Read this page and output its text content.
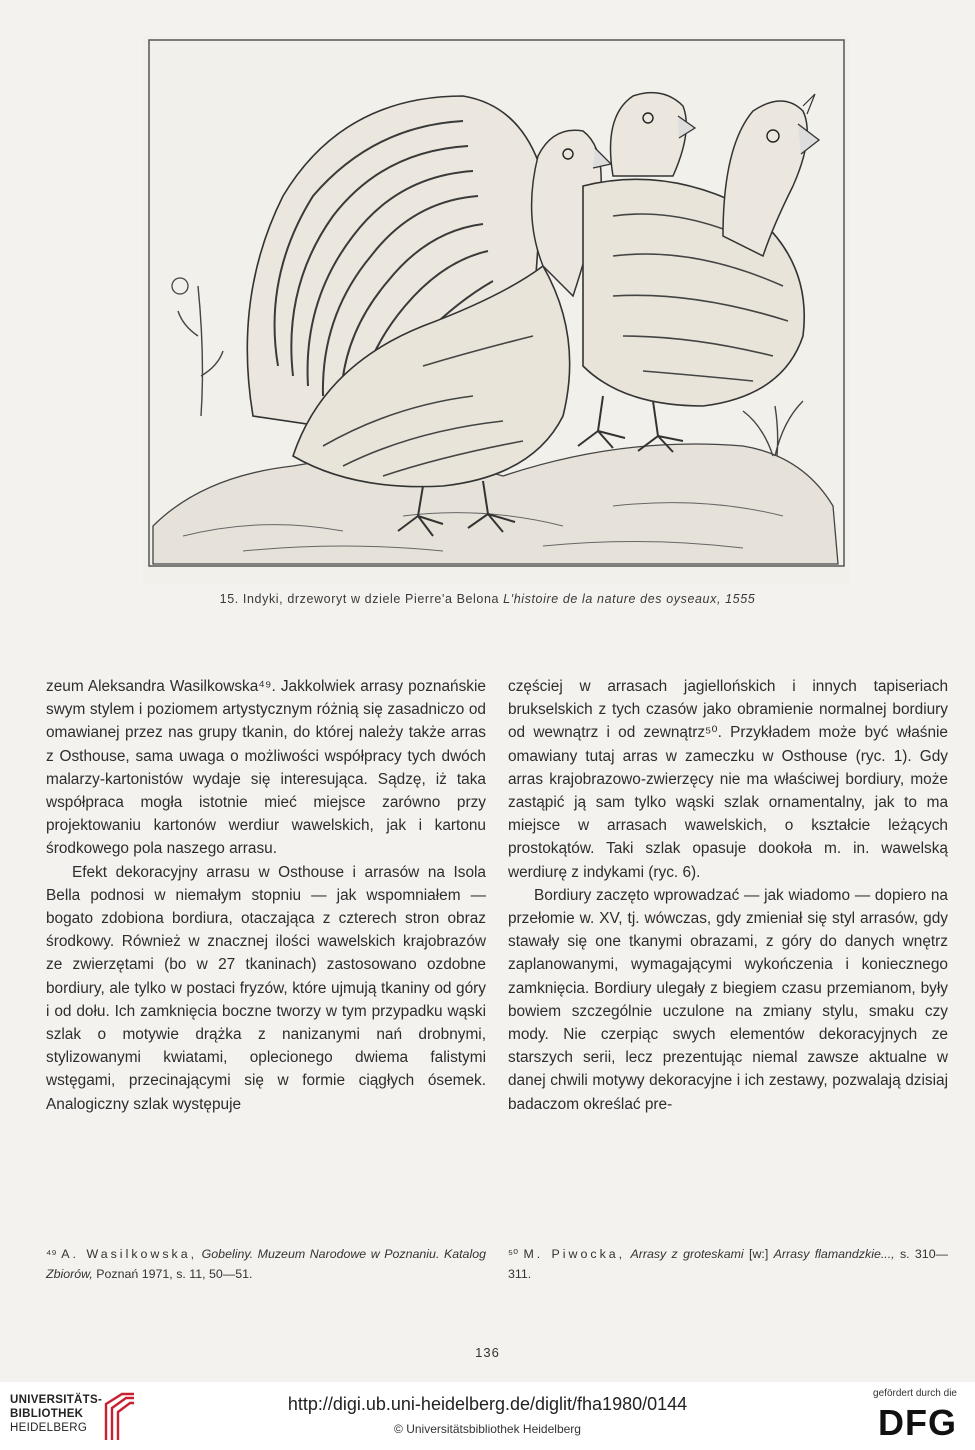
15. Indyki, drzeworyt w dziele Pierre'a Belona L'histoire de la nature des oyseaux, 1555

zeum Aleksandra Wasilkowska⁴⁹. Jakkolwiek arrasy poznańskie swym stylem i poziomem artystycznym różnią się zasadniczo od omawianej przez nas grupy tkanin, do której należy także arras z Osthouse, sama uwaga o możliwości współpracy tych dwóch malarzy-kartonistów wydaje się interesująca. Sądzę, iż taka współpraca mogła istotnie mieć miejsce zarówno przy projektowaniu kartonów werdiur wawelskich, jak i kartonu środkowego pola naszego arrasu.

Efekt dekoracyjny arrasu w Osthouse i arrasów na Isola Bella podnosi w niemałym stopniu — jak wspomniałem — bogato zdobiona bordiura, otaczająca z czterech stron obraz środkowy. Również w znacznej ilości wawelskich krajobrazów ze zwierzętami (bo w 27 tkaninach) zastosowano ozdobne bordiury, ale tylko w postaci fryzów, które ujmują tkaniny od góry i od dołu. Ich zamknięcia boczne tworzy w tym przypadku wąski szlak o motywie drążka z nanizanymi nań drobnymi, stylizowanymi kwiatami, oplecionego dwiema falistymi wstęgami, przecinającymi się w formie ciągłych ósemek. Analogiczny szlak występuje

częściej w arrasach jagiellońskich i innych tapiseriach brukselskich z tych czasów jako obramienie normalnej bordiury od wewnątrz i od zewnątrz⁵⁰. Przykładem może być właśnie omawiany tutaj arras w zameczku w Osthouse (ryc. 1). Gdy arras krajobrazowo-zwierzęcy nie ma właściwej bordiury, może zastąpić ją sam tylko wąski szlak ornamentalny, jak to ma miejsce w arrasach wawelskich, o kształcie leżących prostokątów. Taki szlak opasuje dookoła m. in. wawelską werdiurę z indykami (ryc. 6).

Bordiury zaczęto wprowadzać — jak wiadomo — dopiero na przełomie w. XV, tj. wówczas, gdy zmieniał się styl arrasów, gdy stawały się one tkanymi obrazami, z góry do danych wnętrz zaplanowanymi, wymagającymi wykończenia i koniecznego zamknięcia. Bordiury ulegały z biegiem czasu przemianom, były bowiem szczególnie uczulone na zmiany stylu, smaku czy mody. Nie czerpiąc swych elementów dekoracyjnych ze starszych serii, lecz prezentując niemal zawsze aktualne w danej chwili motywy dekoracyjne i ich zestawy, pozwalają dzisiaj badaczom określać pre-

⁴⁹ A. Wasilkowska, Gobeliny. Muzeum Narodowe w Poznaniu. Katalog Zbiorów, Poznań 1971, s. 11, 50—51.
⁵⁰ M. Piwocka, Arrasy z groteskami [w:] Arrasy flamandzkie..., s. 310—311.
136
UNIVERSITÄTS-
BIBLIOTHEK
HEIDELBERG
http://digi.ub.uni-heidelberg.de/diglit/fha1980/0144
© Universitätsbibliothek Heidelberg
gefördert durch die
DFG
